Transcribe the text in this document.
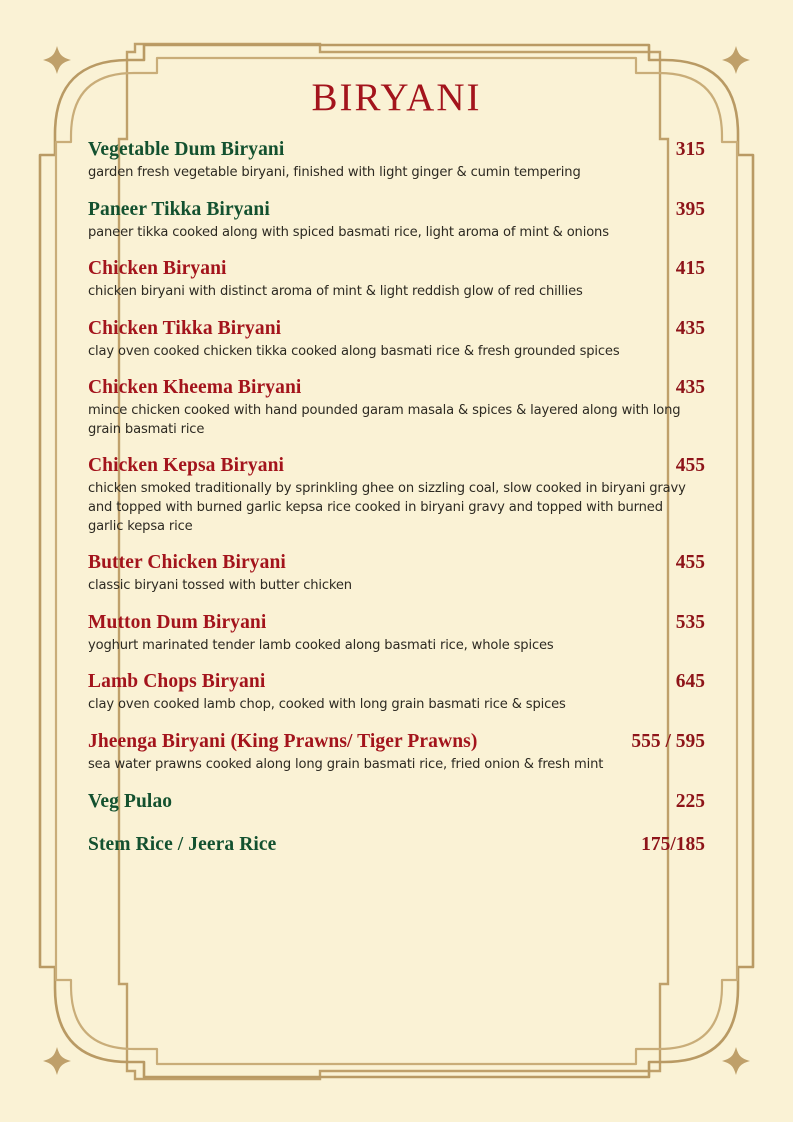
BIRYANI
Vegetable Dum Biryani	315
garden fresh vegetable biryani, finished with light ginger & cumin tempering
Paneer Tikka Biryani	395
paneer tikka cooked along with spiced basmati rice, light aroma of mint & onions
Chicken Biryani	415
chicken biryani with distinct aroma of mint & light reddish glow of red chillies
Chicken Tikka Biryani	435
clay oven cooked chicken tikka cooked along basmati rice & fresh grounded spices
Chicken Kheema Biryani	435
mince chicken cooked with hand pounded garam masala & spices & layered along with long grain basmati rice
Chicken Kepsa Biryani	455
chicken smoked traditionally by sprinkling ghee on sizzling coal, slow cooked in biryani gravy and topped with burned garlic kepsa rice cooked in biryani gravy and topped with burned garlic kepsa rice
Butter Chicken Biryani	455
classic biryani tossed with butter chicken
Mutton Dum Biryani	535
yoghurt marinated tender lamb cooked along basmati rice, whole spices
Lamb Chops Biryani	645
clay oven cooked lamb chop, cooked with long grain basmati rice & spices
Jheenga Biryani (King Prawns/ Tiger Prawns)	555 / 595
sea water prawns cooked along long grain basmati rice, fried onion & fresh mint
Veg Pulao	225
Stem Rice / Jeera Rice	175/185
